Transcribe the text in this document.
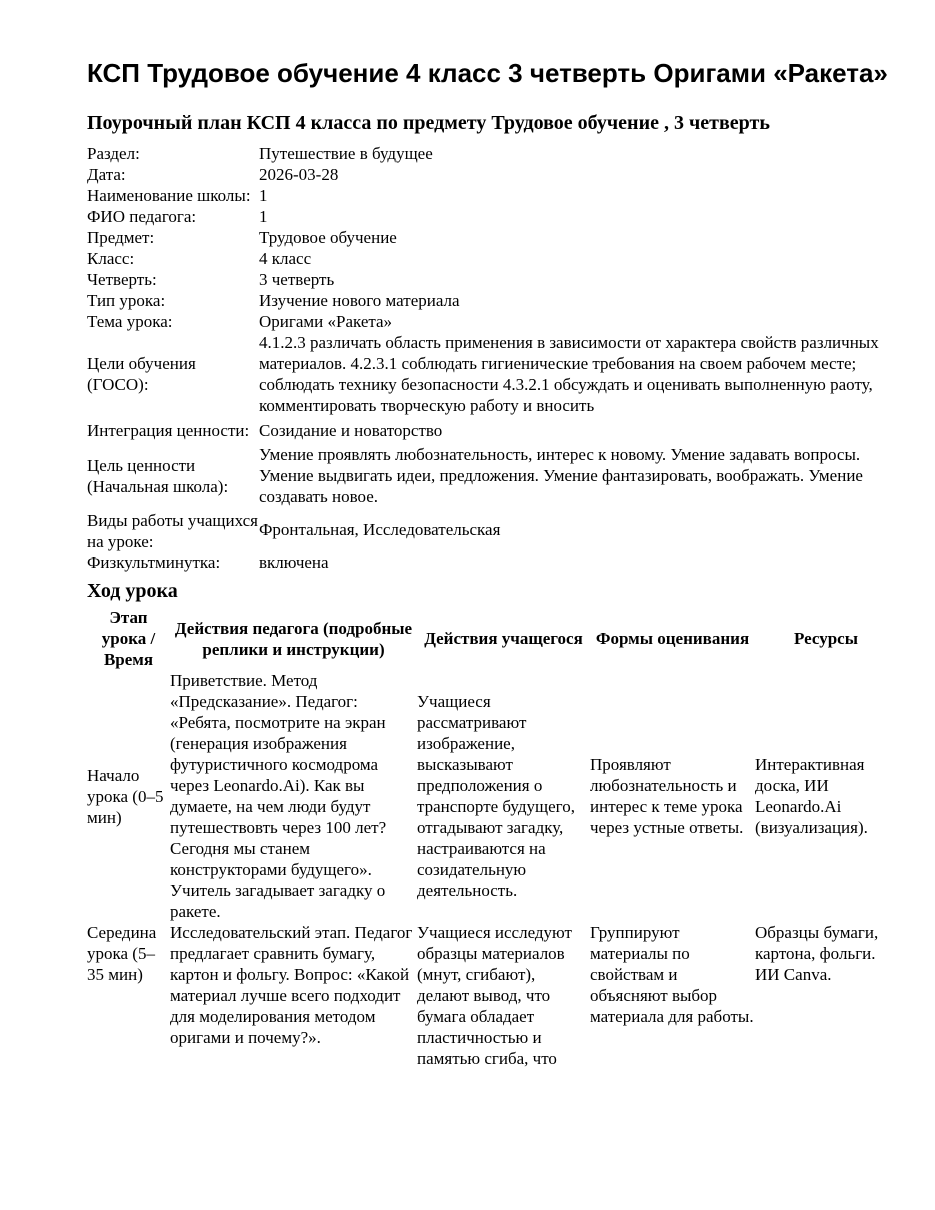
КСП Трудовое обучение 4 класс 3 четверть Оригами «Ракета»
Поурочный план КСП 4 класса по предмету Трудовое обучение , 3 четверть
Раздел:	Путешествие в будущее
Дата:	2026-03-28
Наименование школы:	1
ФИО педагога:	1
Предмет:	Трудовое обучение
Класс:	4 класс
Четверть:	3 четверть
Тип урока:	Изучение нового материала
Тема урока:	Оригами «Ракета»
Цели обучения (ГОСО):	4.1.2.3 различать область применения в зависимости от характера свойств различных материалов. 4.2.3.1 соблюдать гигиенические требования на своем рабочем месте; соблюдать технику безопасности 4.3.2.1 обсуждать и оценивать выполненную раоту, комментировать творческую работу и вносить
Интеграция ценности:	Созидание и новаторство
Цель ценности (Начальная школа):	Умение проявлять любознательность, интерес к новому. Умение задавать вопросы. Умение выдвигать идеи, предложения. Умение фантазировать, воображать. Умение создавать новое.
Виды работы учащихся на уроке:	Фронтальная, Исследовательская
Физкультминутка:	включена
Ход урока
Этап урока / Время	Действия педагога (подробные реплики и инструкции)	Действия учащегося	Формы оценивания	Ресурсы
Начало урока (0–5 мин)	Приветствие. Метод «Предсказание». Педагог: «Ребята, посмотрите на экран (генерация изображения футуристичного космодрома через Leonardo.Ai). Как вы думаете, на чем люди будут путешествовть через 100 лет? Сегодня мы станем конструкторами будущего». Учитель загадывает загадку о ракете.	Учащиеся рассматривают изображение, высказывают предположения о транспорте будущего, отгадывают загадку, настраиваются на созидательную деятельность.	Проявляют любознательность и интерес к теме урока через устные ответы.	Интерактивная доска, ИИ Leonardo.Ai (визуализация).
Середина урока (5–35 мин)	Исследовательский этап. Педагог предлагает сравнить бумагу, картон и фольгу. Вопрос: «Какой материал лучше всего подходит для моделирования методом оригами и почему?».	Учащиеся исследуют образцы материалов (мнут, сгибают), делают вывод, что бумага обладает пластичностью и памятью сгиба, что	Группируют материалы по свойствам и объясняют выбор материала для работы.	Образцы бумаги, картона, фольги. ИИ Canva.
